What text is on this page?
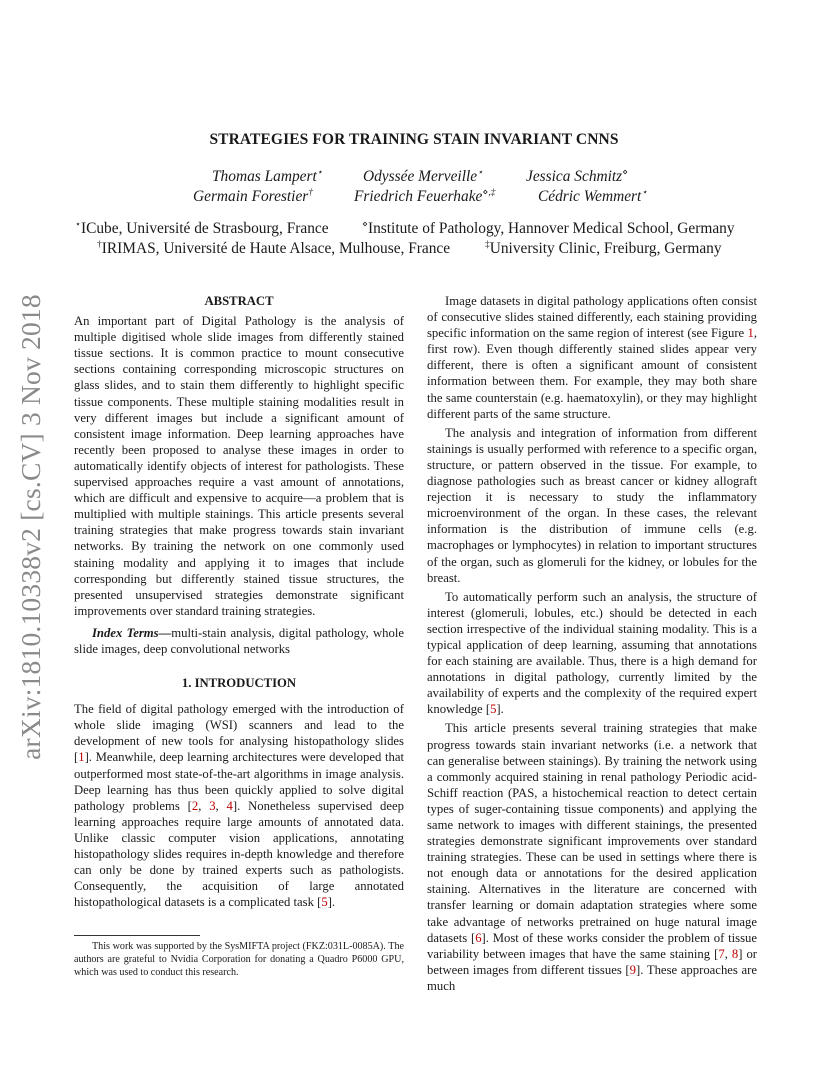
arXiv:1810.10338v2 [cs.CV] 3 Nov 2018
STRATEGIES FOR TRAINING STAIN INVARIANT CNNS
Thomas Lampert⋆	Odyssée Merveille⋆	Jessica Schmitz⋄
Germain Forestier†	Friedrich Feuerhake⋄,‡	Cédric Wemmert⋆
⋆ICube, Université de Strasbourg, France	⋄Institute of Pathology, Hannover Medical School, Germany
†IRIMAS, Université de Haute Alsace, Mulhouse, France	‡University Clinic, Freiburg, Germany

ABSTRACT

An important part of Digital Pathology is the analysis of multiple digitised whole slide images from differently stained tissue sections. It is common practice to mount consecutive sections containing corresponding microscopic structures on glass slides, and to stain them differently to highlight specific tissue components. These multiple staining modalities result in very different images but include a significant amount of consistent image information. Deep learning approaches have recently been proposed to analyse these images in order to automatically identify objects of interest for pathologists. These supervised approaches require a vast amount of annotations, which are difficult and expensive to acquire—a problem that is multiplied with multiple stainings. This article presents several training strategies that make progress towards stain invariant networks. By training the network on one commonly used staining modality and applying it to images that include corresponding but differently stained tissue structures, the presented unsupervised strategies demonstrate significant improvements over standard training strategies.

Index Terms—multi-stain analysis, digital pathology, whole slide images, deep convolutional networks

1. INTRODUCTION

The field of digital pathology emerged with the introduction of whole slide imaging (WSI) scanners and lead to the development of new tools for analysing histopathology slides [1]. Meanwhile, deep learning architectures were developed that outperformed most state-of-the-art algorithms in image analysis. Deep learning has thus been quickly applied to solve digital pathology problems [2, 3, 4]. Nonetheless supervised deep learning approaches require large amounts of annotated data. Unlike classic computer vision applications, annotating histopathology slides requires in-depth knowledge and therefore can only be done by trained experts such as pathologists. Consequently, the acquisition of large annotated histopathological datasets is a complicated task [5].

This work was supported by the SysMIFTA project (FKZ:031L-0085A). The authors are grateful to Nvidia Corporation for donating a Quadro P6000 GPU, which was used to conduct this research.

Image datasets in digital pathology applications often consist of consecutive slides stained differently, each staining providing specific information on the same region of interest (see Figure 1, first row). Even though differently stained slides appear very different, there is often a significant amount of consistent information between them. For example, they may both share the same counterstain (e.g. haematoxylin), or they may highlight different parts of the same structure.

The analysis and integration of information from different stainings is usually performed with reference to a specific organ, structure, or pattern observed in the tissue. For example, to diagnose pathologies such as breast cancer or kidney allograft rejection it is necessary to study the inflammatory microenvironment of the organ. In these cases, the relevant information is the distribution of immune cells (e.g. macrophages or lymphocytes) in relation to important structures of the organ, such as glomeruli for the kidney, or lobules for the breast.

To automatically perform such an analysis, the structure of interest (glomeruli, lobules, etc.) should be detected in each section irrespective of the individual staining modality. This is a typical application of deep learning, assuming that annotations for each staining are available. Thus, there is a high demand for annotations in digital pathology, currently limited by the availability of experts and the complexity of the required expert knowledge [5].

This article presents several training strategies that make progress towards stain invariant networks (i.e. a network that can generalise between stainings). By training the network using a commonly acquired staining in renal pathology Periodic acid-Schiff reaction (PAS, a histochemical reaction to detect certain types of suger-containing tissue components) and applying the same network to images with different stainings, the presented strategies demonstrate significant improvements over standard training strategies. These can be used in settings where there is not enough data or annotations for the desired application staining. Alternatives in the literature are concerned with transfer learning or domain adaptation strategies where some take advantage of networks pretrained on huge natural image datasets [6]. Most of these works consider the problem of tissue variability between images that have the same staining [7, 8] or between images from different tissues [9]. These approaches are much
